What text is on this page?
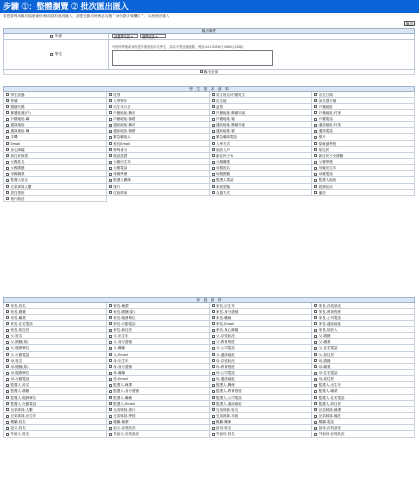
步驟 ➀：整體瀏覽 ➁ 批次匯出匯入
若您要利用匯出檔案備份/修改資料後再匯入，請您在匯出時務必勾選＂身份證字號欄位＂，以免無法匯入
匯出
匯出條件
年級	請選擇年級 ▾	選擇班級 ▾
學生
可使用學號或身份證字號查詢多名學生，請以半型逗號區隔，例如:A123456(7,9ABCJ,0SDJ)
匯出全部
學　生　基　本　資　料
學生狀態	性別	英文姓名/中國英文	出生日期
學號	入學學年	出生地	身分證字號
國籍代碼	出生年月日	血型	戶籍地址
郵遞區號(戶)	戶籍地址-縣市	戶籍地址-鄉鎮市區	戶籍地址-村里
戶籍地址-鄰	戶籍地址-街路	戶籍地址-號	戶籍電話
通訊地址	通訊地址-縣市	通訊地址-鄉鎮市區	通訊地址-村里
通訊地址-鄰	通訊地址-街路	通訊地址-號	通訊電話
手機	緊急聯絡人	緊急聯絡電話	照片
Email	家長Email	入學方式	原就讀學校
身心障礙	特殊身分	低收入戶	原住民
原住民族別	族語認證	新住民子女	新住民子女國籍
父親姓名	父親出生年	父親職業	父親學歷
父親國籍	父親電話	母親姓名	母親出生年
母親職業	母親學歷	母親國籍	母親電話
監護人姓名	監護人關係	監護人電話	監護人地址
兄弟姊妹人數	排行	家庭型態	經濟狀況
居住情形	住宿情形	交通方式	備註
相片路徑
家　庭　資　料
家長-姓名	家長-稱謂	家長-出生年	家長-存歿狀況
家長-國籍	家長-國籍(原)	家長-身分證號	家長-教育程度
家長-職業	家長-服務單位	家長-職稱	家長-公司電話
家長-住宅電話	家長-行動電話	家長-Email	家長-通訊地址
家長-原住民	家長-新住民	家長-身心障礙	家長-低收入
父-姓名	父-出生年	父-存歿狀況	父-國籍
父-國籍(原)	父-身分證號	父-教育程度	父-職業
父-服務單位	父-職稱	父-公司電話	父-住宅電話
父-行動電話	父-Email	父-通訊地址	父-原住民
母-姓名	母-出生年	母-存歿狀況	母-國籍
母-國籍(原)	母-身分證號	母-教育程度	母-職業
母-服務單位	母-職稱	母-公司電話	母-住宅電話
母-行動電話	母-Email	母-通訊地址	母-原住民
監護人-姓名	監護人-稱謂	監護人-關係	監護人-出生年
監護人-國籍	監護人-身分證號	監護人-教育程度	監護人-職業
監護人-服務單位	監護人-職稱	監護人-公司電話	監護人-住宅電話
監護人-行動電話	監護人-Email	監護人-通訊地址	監護人-原住民
兄弟姊妹-人數	兄弟姊妹-排行	兄弟姊妹-姓名	兄弟姊妹-稱謂
兄弟姊妹-出生年	兄弟姊妹-學校	兄弟姊妹-年級	兄弟姊妹-備註
親屬-姓名	親屬-稱謂	親屬-關係	親屬-電話
祖父-姓名	祖父-存歿狀況	祖母-姓名	祖母-存歿狀況
外祖父-姓名	外祖父-存歿狀況	外祖母-姓名	外祖母-存歿狀況
